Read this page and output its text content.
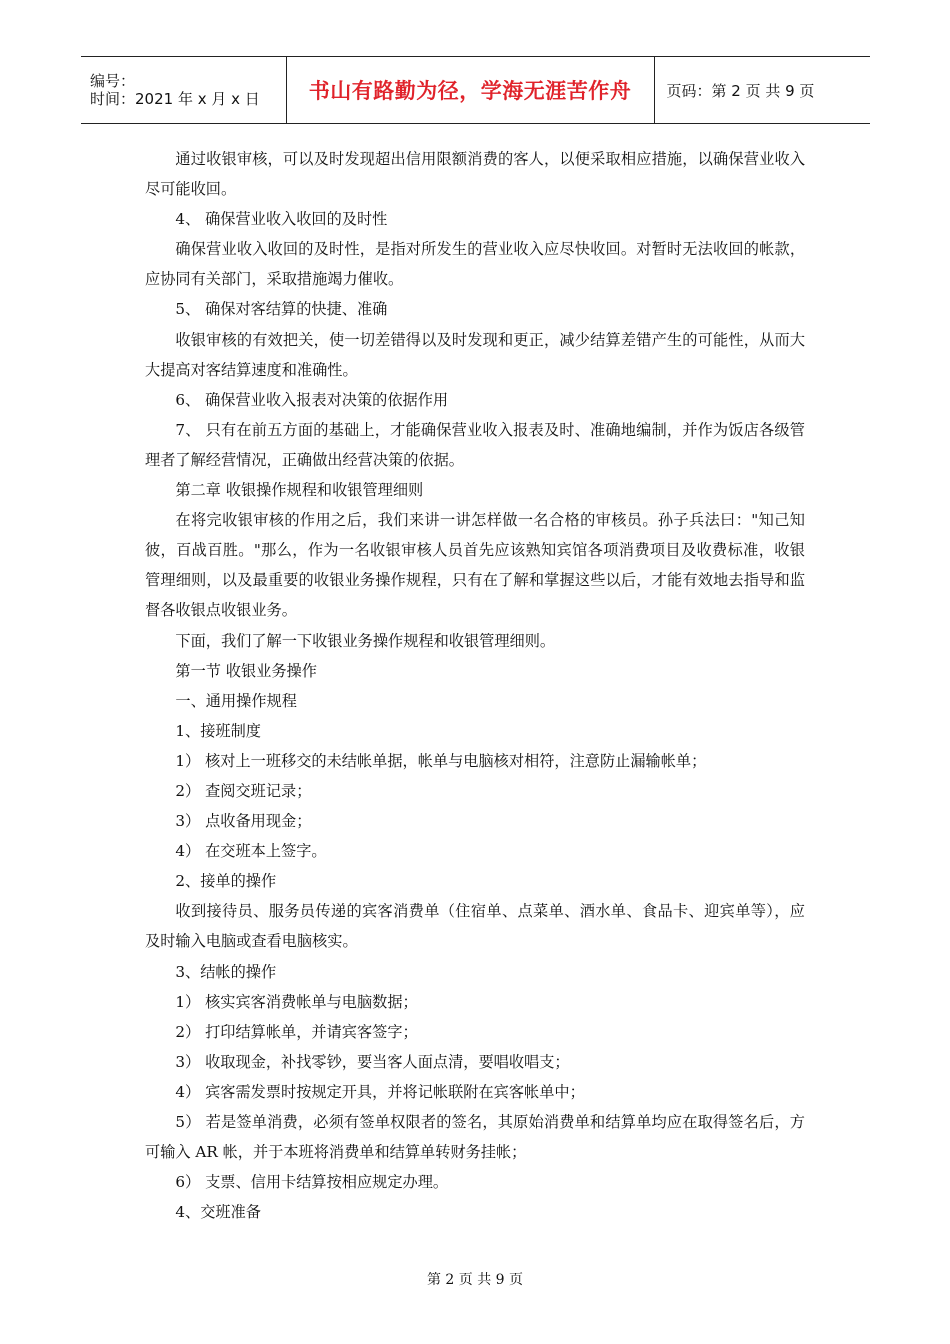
编号：
时间：2021 年 x 月 x 日	书山有路勤为径，学海无涯苦作舟	页码：第 2 页 共 9 页

通过收银审核，可以及时发现超出信用限额消费的客人，以便采取相应措施，以确保营业收入尽可能收回。

4、 确保营业收入收回的及时性

确保营业收入收回的及时性，是指对所发生的营业收入应尽快收回。对暂时无法收回的帐款，应协同有关部门，采取措施竭力催收。

5、 确保对客结算的快捷、准确

收银审核的有效把关，使一切差错得以及时发现和更正，减少结算差错产生的可能性，从而大大提高对客结算速度和准确性。

6、 确保营业收入报表对决策的依据作用

7、 只有在前五方面的基础上，才能确保营业收入报表及时、准确地编制，并作为饭店各级管理者了解经营情况，正确做出经营决策的依据。

第二章 收银操作规程和收银管理细则

在将完收银审核的作用之后，我们来讲一讲怎样做一名合格的审核员。孙子兵法曰："知己知彼，百战百胜。"那么，作为一名收银审核人员首先应该熟知宾馆各项消费项目及收费标准，收银管理细则，以及最重要的收银业务操作规程，只有在了解和掌握这些以后，才能有效地去指导和监督各收银点收银业务。

下面，我们了解一下收银业务操作规程和收银管理细则。

第一节 收银业务操作

一、通用操作规程

1、接班制度

1） 核对上一班移交的未结帐单据，帐单与电脑核对相符，注意防止漏输帐单；

2） 查阅交班记录；

3） 点收备用现金；

4） 在交班本上签字。

2、接单的操作

收到接待员、服务员传递的宾客消费单（住宿单、点菜单、酒水单、食品卡、迎宾单等），应及时输入电脑或查看电脑核实。

3、结帐的操作

1） 核实宾客消费帐单与电脑数据；

2） 打印结算帐单，并请宾客签字；

3） 收取现金，补找零钞，要当客人面点清，要唱收唱支；

4） 宾客需发票时按规定开具，并将记帐联附在宾客帐单中；

5） 若是签单消费，必须有签单权限者的签名，其原始消费单和结算单均应在取得签名后，方可输入 AR 帐，并于本班将消费单和结算单转财务挂帐；

6） 支票、信用卡结算按相应规定办理。

4、交班准备

第 2 页 共 9 页
